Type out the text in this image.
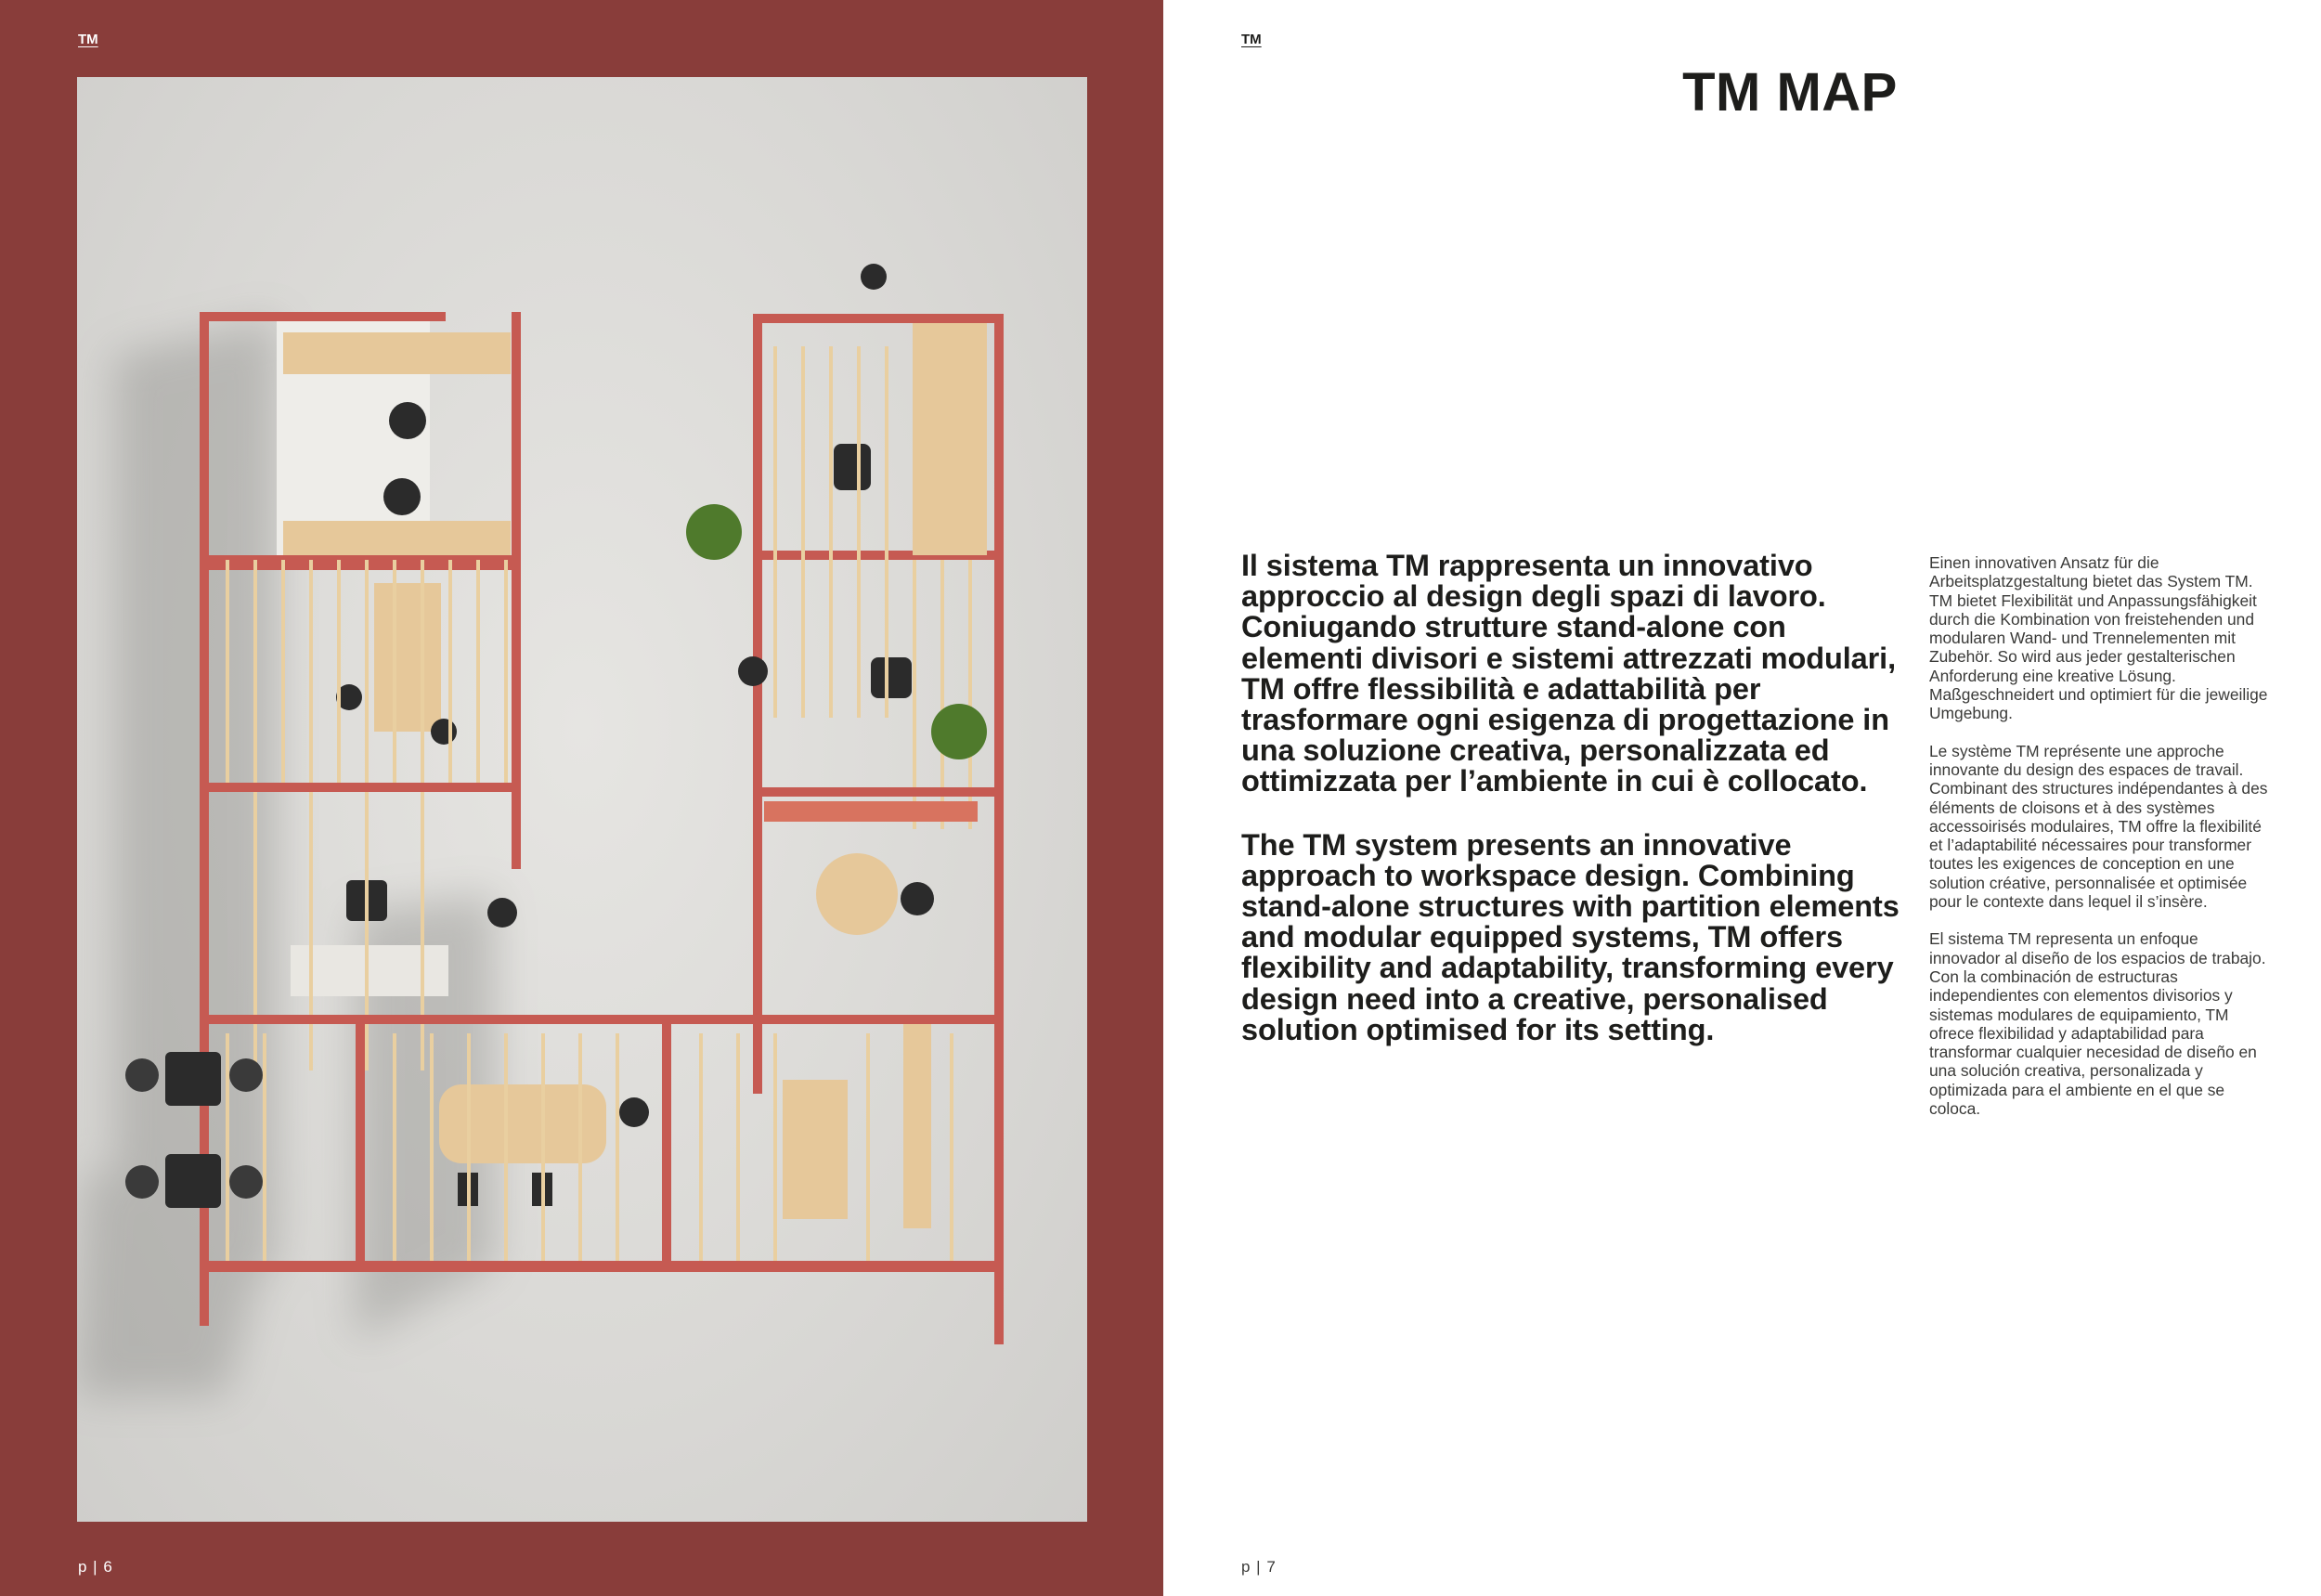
TM
p | 6
TM
TM MAP

Il sistema TM rappresenta un innovativo approccio al design degli spazi di lavoro. Coniugando strutture stand-alone con elementi divisori e sistemi attrezzati modulari, TM offre flessibilità e adattabilità per trasformare ogni esigenza di progettazione in una soluzione creativa, personalizzata ed ottimizzata per l’ambiente in cui è collocato.

The TM system presents an innovative approach to workspace design. Combining stand-alone structures with partition elements and modular equipped systems, TM offers flexibility and adaptability, transforming every design need into a creative, personalised solution optimised for its setting.

Einen innovativen Ansatz für die Arbeitsplatzgestaltung bietet das System TM. TM bietet Flexibilität und Anpassungsfähigkeit durch die Kombination von freistehenden und modularen Wand- und Trennelementen mit Zubehör. So wird aus jeder gestalterischen Anforderung eine kreative Lösung. Maßgeschneidert und optimiert für die jeweilige Umgebung.

Le système TM représente une approche innovante du design des espaces de travail. Combinant des structures indépendantes à des éléments de cloisons et à des systèmes accessoirisés modulaires, TM offre la flexibilité et l’adaptabilité nécessaires pour transformer toutes les exigences de conception en une solution créative, personnalisée et optimisée pour le contexte dans lequel il s’insère.

El sistema TM representa un enfoque innovador al diseño de los espacios de trabajo. Con la combinación de estructuras independientes con elementos divisorios y sistemas modulares de equipamiento, TM ofrece flexibilidad y adaptabilidad para transformar cualquier necesidad de diseño en una solución creativa, personalizada y optimizada para el ambiente en el que se coloca.

p | 7
